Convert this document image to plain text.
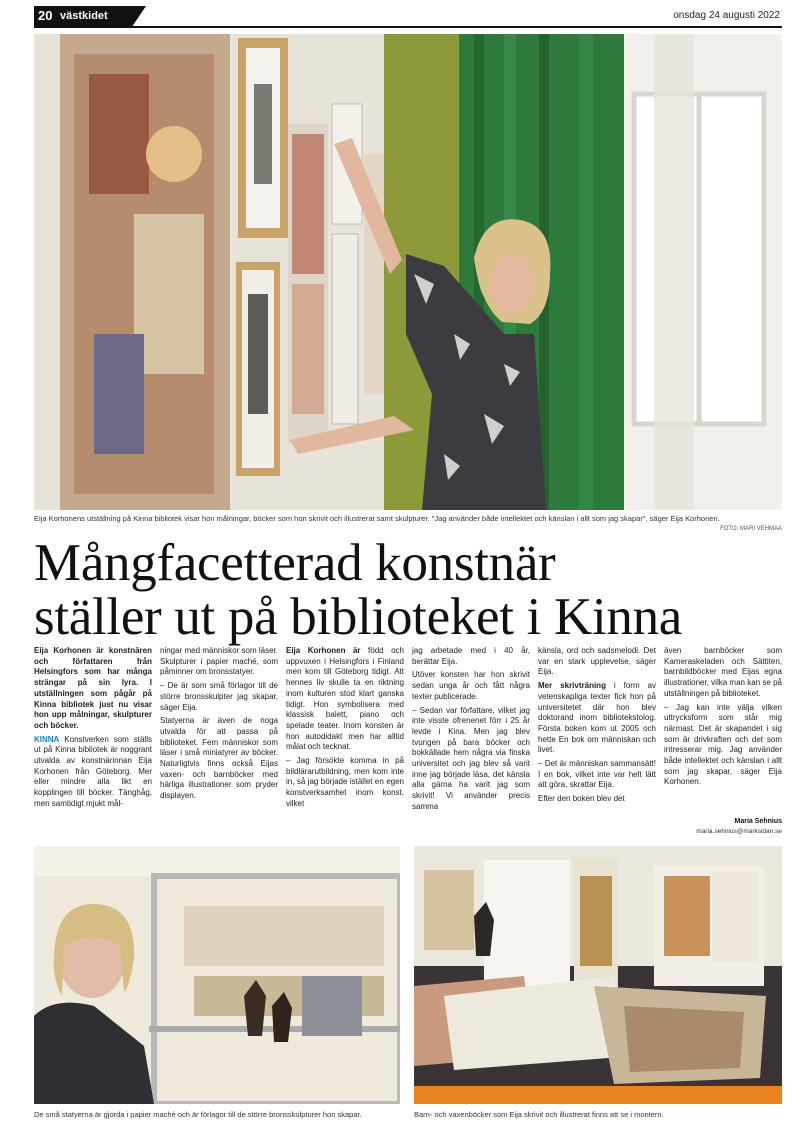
20 västkidet	onsdag 24 augusti 2022
Eija Korhonens utställning på Kinna bibliotek visar hon målningar, böcker som hon skrivit och illustrerat samt skulpturer. "Jag använder både intellektet och känslan i allt som jag skapar", säger Eija Korhonen.
FOTO: MARI VEHMAA
Mångfacetterad konstnär
ställer ut på biblioteket i Kinna

Eija Korhonen är konstnären och författaren från Helsingfors som har många strängar på sin lyra. I utställningen som pågår på Kinna bibliotek just nu visar hon upp målningar, skulpturer och böcker.

KINNA Konstverken som ställs ut på Kinna bibliotek är noggrant utvalda av konstnärinnan Eija Korhonen från Göteborg. Mer eller mindre alla likt en kopplingen till böcker. Tänghåg, men samtidigt mjukt mål-

ningar med människor som läser. Skulpturer i papier maché, som påminner om bronsstatyer.

– De är som små förlagor till de större bronsskulpter jag skapar, säger Eija.

Statyerna är även de nogа utvalda för att passa på biblioteket. Fem människor som läser i små miniatyrer av böcker. Naturligtvis finns också Eijas vaxen- och barnböcker med härliga illustrationer som pryder displayen.

Eija Korhonen är född och uppvuxen i Helsingfors i Finland men kom till Göteborg tidigt. Att hennes liv skulle ta en riktning inom kulturen stod klart ganska tidigt. Hon symbolisera med klassisk balett, piano och spelade teater. Inom konsten är hon autodidakt men har alltid målat och tecknat.

– Jag försökte komma in på bildlärarutbildning, men kom inte in, så jag började istället en egen konstverksamhet inom konst, vilket

jag arbetade med i 40 år, berättar Eija.

Utöver konsten har hon skrivit sedan unga år och fått några texter publicerade.

– Sedan var författare, vilket jag inte visste ofrenenet förr i 25 år levde i Kina. Men jag blev tvungen på bara böcker och bokkällade hem några via finska universitet och jag blev så varit inne jag började läsa, det känsla alla gärna ha varit jag som skrivit! Vi använder precis samma

känsla, ord och sadsmelodi. Det var en stark upplevelse, säger Eija.

Mer skrivträning i form av vetenskapliga texter fick hon på universitetet där hon blev doktorand inom bibliotekstolog. Första boken kom ut 2005 och hette En bok om människan och livet.

– Det är människan sammansätt! I en bok, vilket inte var helt lätt att göra, skrattar Eija.

Efter den boken blev det

även barnböcker som Kameraskeladen och Sättiten, barnbildböcker med Eijas egna illustrationer, vilka man kan se på utställningen på biblioteket.

– Jag kan inte välja vilken uttrycksform som står mig närmast. Det är skapandet i sig som är drivkraften och det som intresserar mig. Jag använder både intellektet och känslan i allt som jag skapar, säger Eija Korhonen.

Maria Sehnius
maria.sehnius@marksidan.se
De små statyerna är gjorda i papier maché och är förlagor till de större bronsskulpturer hon skapar.	Barn- och vaxenböcker som Eija skrivit och illustrerat finns att se i montern.
